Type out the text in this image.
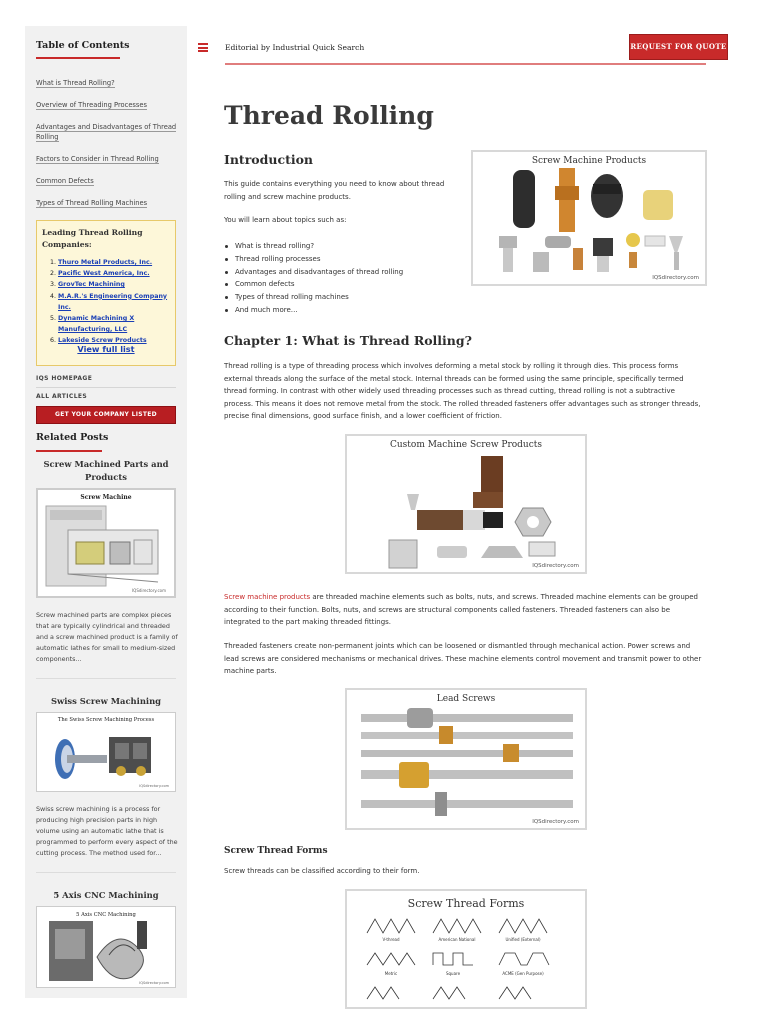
Table of Contents
What is Thread Rolling?
Overview of Threading Processes
Advantages and Disadvantages of Thread Rolling
Factors to Consider in Thread Rolling
Common Defects
Types of Thread Rolling Machines
Leading Thread Rolling Companies:
1. Thuro Metal Products, Inc.
2. Pacific West America, Inc.
3. GrovTec Machining
4. M.A.R.'s Engineering Company Inc.
5. Dynamic Machining X Manufacturing, LLC
6. Lakeside Screw Products
View full list
IQS HOMEPAGE
ALL ARTICLES
GET YOUR COMPANY LISTED
Related Posts
Screw Machined Parts and Products
Screw Machine
IQSdirectory.com
Screw machined parts are complex pieces that are typically cylindrical and threaded and a screw machined product is a family of automatic lathes for small to medium-sized components...
Swiss Screw Machining
The Swiss Screw Machining Process
IQSdirectory.com
Swiss screw machining is a process for producing high precision parts in high volume using an automatic lathe that is programmed to perform every aspect of the cutting process. The method used for...
5 Axis CNC Machining
5 Axis CNC Machining
IQSdirectory.com
Editorial by Industrial Quick Search	REQUEST FOR QUOTE
Thread Rolling
Introduction
This guide contains everything you need to know about thread rolling and screw machine products.
You will learn about topics such as:
What is thread rolling?
Thread rolling processes
Advantages and disadvantages of thread rolling
Common defects
Types of thread rolling machines
And much more…
Screw Machine Products
IQSdirectory.com
Chapter 1: What is Thread Rolling?
Thread rolling is a type of threading process which involves deforming a metal stock by rolling it through dies. This process forms external threads along the surface of the metal stock. Internal threads can be formed using the same principle, specifically termed thread forming. In contrast with other widely used threading processes such as thread cutting, thread rolling is not a subtractive process. This means it does not remove metal from the stock. The rolled threaded fasteners offer advantages such as stronger threads, precise final dimensions, good surface finish, and a lower coefficient of friction.
Custom Machine Screw Products
IQSdirectory.com
Screw machine products are threaded machine elements such as bolts, nuts, and screws. Threaded machine elements can be grouped according to their function. Bolts, nuts, and screws are structural components called fasteners. Threaded fasteners can also be integrated to the part making threaded fittings.
Threaded fasteners create non-permanent joints which can be loosened or dismantled through mechanical action. Power screws and lead screws are considered mechanisms or mechanical drives. These machine elements control movement and transmit power to other machine parts.
Lead Screws
IQSdirectory.com
Screw Thread Forms
Screw threads can be classified according to their form.
Screw Thread Forms
V-thread	American National	Unified (External)
Metric	Square	ACME (Gen Purpose)
